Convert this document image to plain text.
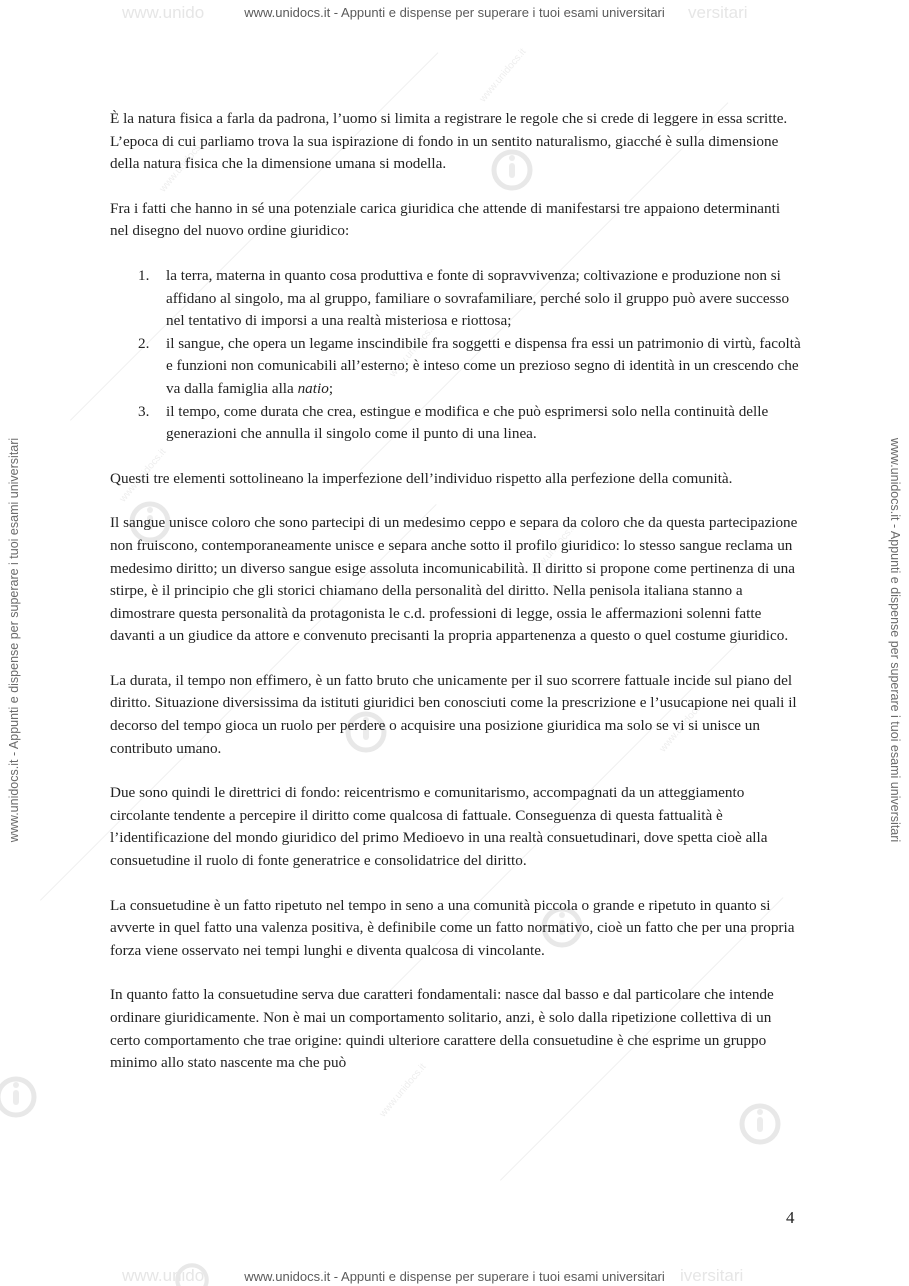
www.unidocs.it
www.unidocs.it
www.unidocs.it
www.unidocs.it
www.unidocs.it
www.unidocs.it
www.unidocs.it
www.unido	versitari
www.unidocs.it - Appunti e dispense per superare i tuoi esami universitari
www.unidocs.it - Appunti e dispense per superare i tuoi esami universitari	www.unidocs.it - Appunti e dispense per superare i tuoi esami universitari

È la natura fisica a farla da padrona, l’uomo si limita a registrare le regole che si crede di leggere in essa scritte. L’epoca di cui parliamo trova la sua ispirazione di fondo in un sentito naturalismo, giacché è sulla dimensione della natura fisica che la dimensione umana si modella.

Fra i fatti che hanno in sé una potenziale carica giuridica che attende di manifestarsi tre appaiono determinanti nel disegno del nuovo ordine giuridico:

1. la terra, materna in quanto cosa produttiva e fonte di sopravvivenza; coltivazione e produzione non si affidano al singolo, ma al gruppo, familiare o sovrafamiliare, perché solo il gruppo può avere successo nel tentativo di imporsi a una realtà misteriosa e riottosa;
2. il sangue, che opera un legame inscindibile fra soggetti e dispensa fra essi un patrimonio di virtù, facoltà e funzioni non comunicabili all’esterno; è inteso come un prezioso segno di identità in un crescendo che va dalla famiglia alla natio;
3. il tempo, come durata che crea, estingue e modifica e che può esprimersi solo nella continuità delle generazioni che annulla il singolo come il punto di una linea.

Questi tre elementi sottolineano la imperfezione dell’individuo rispetto alla perfezione della comunità.

Il sangue unisce coloro che sono partecipi di un medesimo ceppo e separa da coloro che da questa partecipazione non fruiscono, contemporaneamente unisce e separa anche sotto il profilo giuridico: lo stesso sangue reclama un medesimo diritto; un diverso sangue esige assoluta incomunicabilità. Il diritto si propone come pertinenza di una stirpe, è il principio che gli storici chiamano della personalità del diritto. Nella penisola italiana stanno a dimostrare questa personalità da protagonista le c.d. professioni di legge, ossia le affermazioni solenni fatte davanti a un giudice da attore e convenuto precisanti la propria appartenenza a questo o quel costume giuridico.

La durata, il tempo non effimero, è un fatto bruto che unicamente per il suo scorrere fattuale incide sul piano del diritto. Situazione diversissima da istituti giuridici ben conosciuti come la prescrizione e l’usucapione nei quali il decorso del tempo gioca un ruolo per perdere o acquisire una posizione giuridica ma solo se vi si unisce un contributo umano.

Due sono quindi le direttrici di fondo: reicentrismo e comunitarismo, accompagnati da un atteggiamento circolante tendente a percepire il diritto come qualcosa di fattuale. Conseguenza di questa fattualità è l’identificazione del mondo giuridico del primo Medioevo in una realtà consuetudinari, dove spetta cioè alla consuetudine il ruolo di fonte generatrice e consolidatrice del diritto.

La consuetudine è un fatto ripetuto nel tempo in seno a una comunità piccola o grande e ripetuto in quanto si avverte in quel fatto una valenza positiva, è definibile come un fatto normativo, cioè un fatto che per una propria forza viene osservato nei tempi lunghi e diventa qualcosa di vincolante.

In quanto fatto la consuetudine serva due caratteri fondamentali: nasce dal basso e dal particolare che intende ordinare giuridicamente. Non è mai un comportamento solitario, anzi, è solo dalla ripetizione collettiva di un certo comportamento che trae origine: quindi ulteriore carattere della consuetudine è che esprime un gruppo minimo allo stato nascente ma che può

4
www.unido	iversitari
www.unidocs.it - Appunti e dispense per superare i tuoi esami universitari
